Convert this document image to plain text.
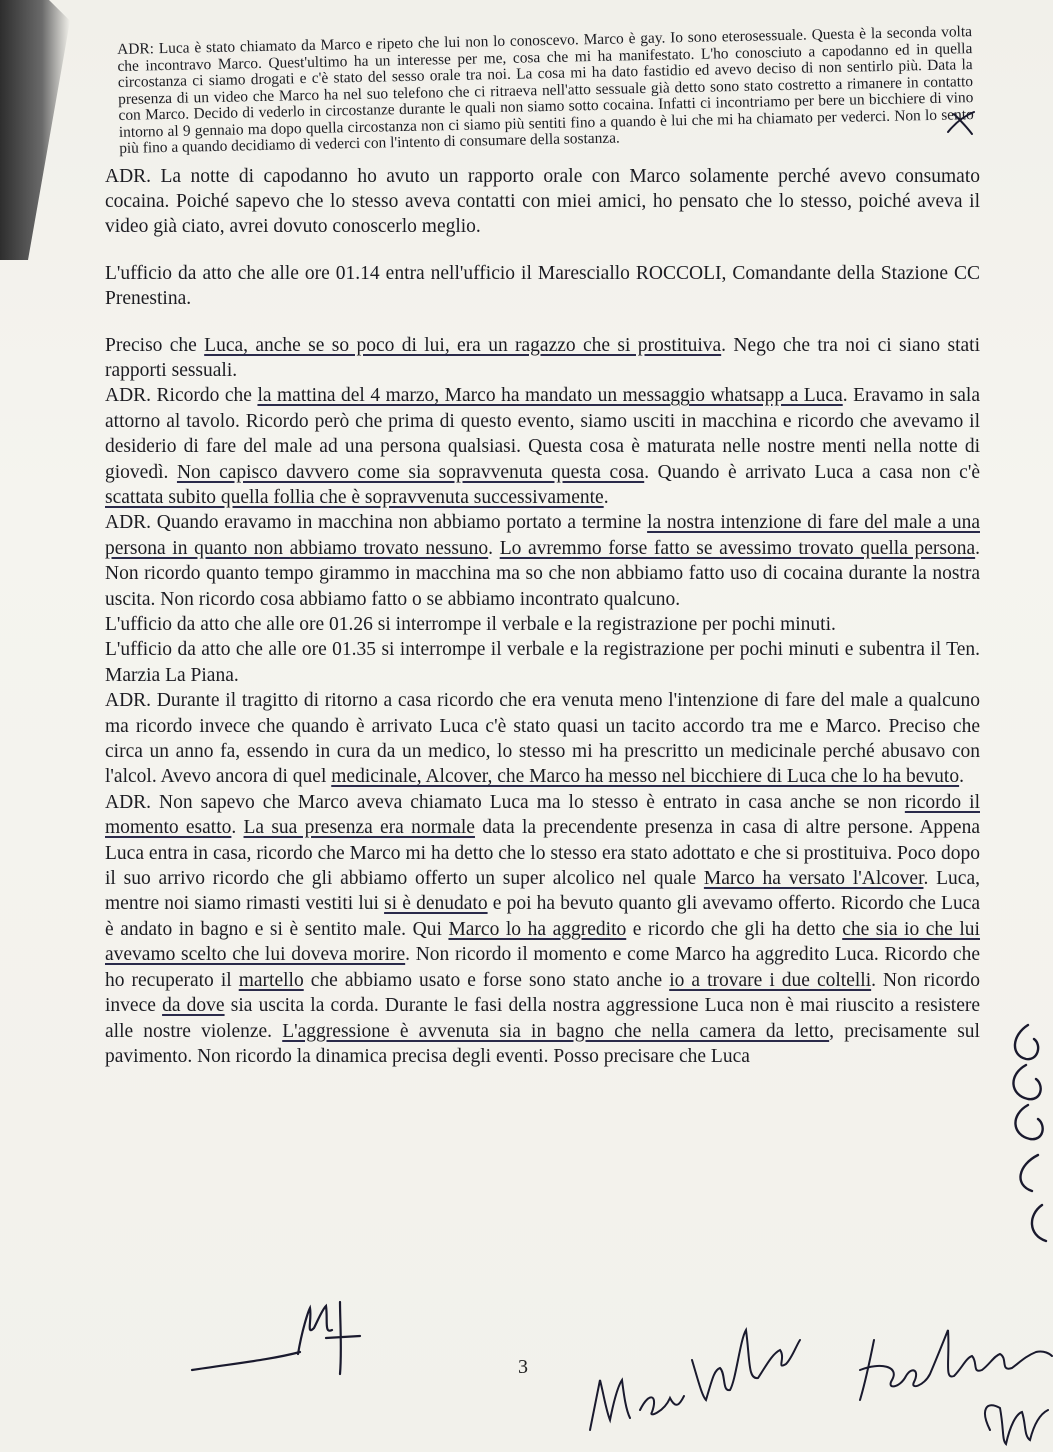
ADR: Luca è stato chiamato da Marco e ripeto che lui non lo conoscevo. Marco è gay. Io sono eterosessuale. Questa è la seconda volta che incontravo Marco. Quest'ultimo ha un interesse per me, cosa che mi ha manifestato. L'ho conosciuto a capodanno ed in quella circostanza ci siamo drogati e c'è stato del sesso orale tra noi. La cosa mi ha dato fastidio ed avevo deciso di non sentirlo più. Data la presenza di un video che Marco ha nel suo telefono che ci ritraeva nell'atto sessuale già detto sono stato costretto a rimanere in contatto con Marco. Decido di vederlo in circostanze durante le quali non siamo sotto cocaina. Infatti ci incontriamo per bere un bicchiere di vino intorno al 9 gennaio ma dopo quella circostanza non ci siamo più sentiti fino a quando è lui che mi ha chiamato per vederci. Non lo sento più fino a quando decidiamo di vederci con l'intento di consumare della sostanza.

ADR. La notte di capodanno ho avuto un rapporto orale con Marco solamente perché avevo consumato cocaina. Poiché sapevo che lo stesso aveva contatti con miei amici, ho pensato che lo stesso, poiché aveva il video già ciato, avrei dovuto conoscerlo meglio.

L'ufficio da atto che alle ore 01.14 entra nell'ufficio il Maresciallo ROCCOLI, Comandante della Stazione CC Prenestina.

Preciso che Luca, anche se so poco di lui, era un ragazzo che si prostituiva. Nego che tra noi ci siano stati rapporti sessuali.

ADR. Ricordo che la mattina del 4 marzo, Marco ha mandato un messaggio whatsapp a Luca. Eravamo in sala attorno al tavolo. Ricordo però che prima di questo evento, siamo usciti in macchina e ricordo che avevamo il desiderio di fare del male ad una persona qualsiasi. Questa cosa è maturata nelle nostre menti nella notte di giovedì. Non capisco davvero come sia sopravvenuta questa cosa. Quando è arrivato Luca a casa non c'è scattata subito quella follia che è sopravvenuta successivamente.

ADR. Quando eravamo in macchina non abbiamo portato a termine la nostra intenzione di fare del male a una persona in quanto non abbiamo trovato nessuno. Lo avremmo forse fatto se avessimo trovato quella persona. Non ricordo quanto tempo girammo in macchina ma so che non abbiamo fatto uso di cocaina durante la nostra uscita. Non ricordo cosa abbiamo fatto o se abbiamo incontrato qualcuno.

L'ufficio da atto che alle ore 01.26 si interrompe il verbale e la registrazione per pochi minuti.

L'ufficio da atto che alle ore 01.35 si interrompe il verbale e la registrazione per pochi minuti e subentra il Ten. Marzia La Piana.

ADR. Durante il tragitto di ritorno a casa ricordo che era venuta meno l'intenzione di fare del male a qualcuno ma ricordo invece che quando è arrivato Luca c'è stato quasi un tacito accordo tra me e Marco. Preciso che circa un anno fa, essendo in cura da un medico, lo stesso mi ha prescritto un medicinale perché abusavo con l'alcol. Avevo ancora di quel medicinale, Alcover, che Marco ha messo nel bicchiere di Luca che lo ha bevuto.

ADR. Non sapevo che Marco aveva chiamato Luca ma lo stesso è entrato in casa anche se non ricordo il momento esatto. La sua presenza era normale data la precendente presenza in casa di altre persone. Appena Luca entra in casa, ricordo che Marco mi ha detto che lo stesso era stato adottato e che si prostituiva. Poco dopo il suo arrivo ricordo che gli abbiamo offerto un super alcolico nel quale Marco ha versato l'Alcover. Luca, mentre noi siamo rimasti vestiti lui si è denudato e poi ha bevuto quanto gli avevamo offerto. Ricordo che Luca è andato in bagno e si è sentito male. Qui Marco lo ha aggredito e ricordo che gli ha detto che sia io che lui avevamo scelto che lui doveva morire. Non ricordo il momento e come Marco ha aggredito Luca. Ricordo che ho recuperato il martello che abbiamo usato e forse sono stato anche io a trovare i due coltelli. Non ricordo invece da dove sia uscita la corda. Durante le fasi della nostra aggressione Luca non è mai riuscito a resistere alle nostre violenze. L'aggressione è avvenuta sia in bagno che nella camera da letto, precisamente sul pavimento. Non ricordo la dinamica precisa degli eventi. Posso precisare che Luca

3
